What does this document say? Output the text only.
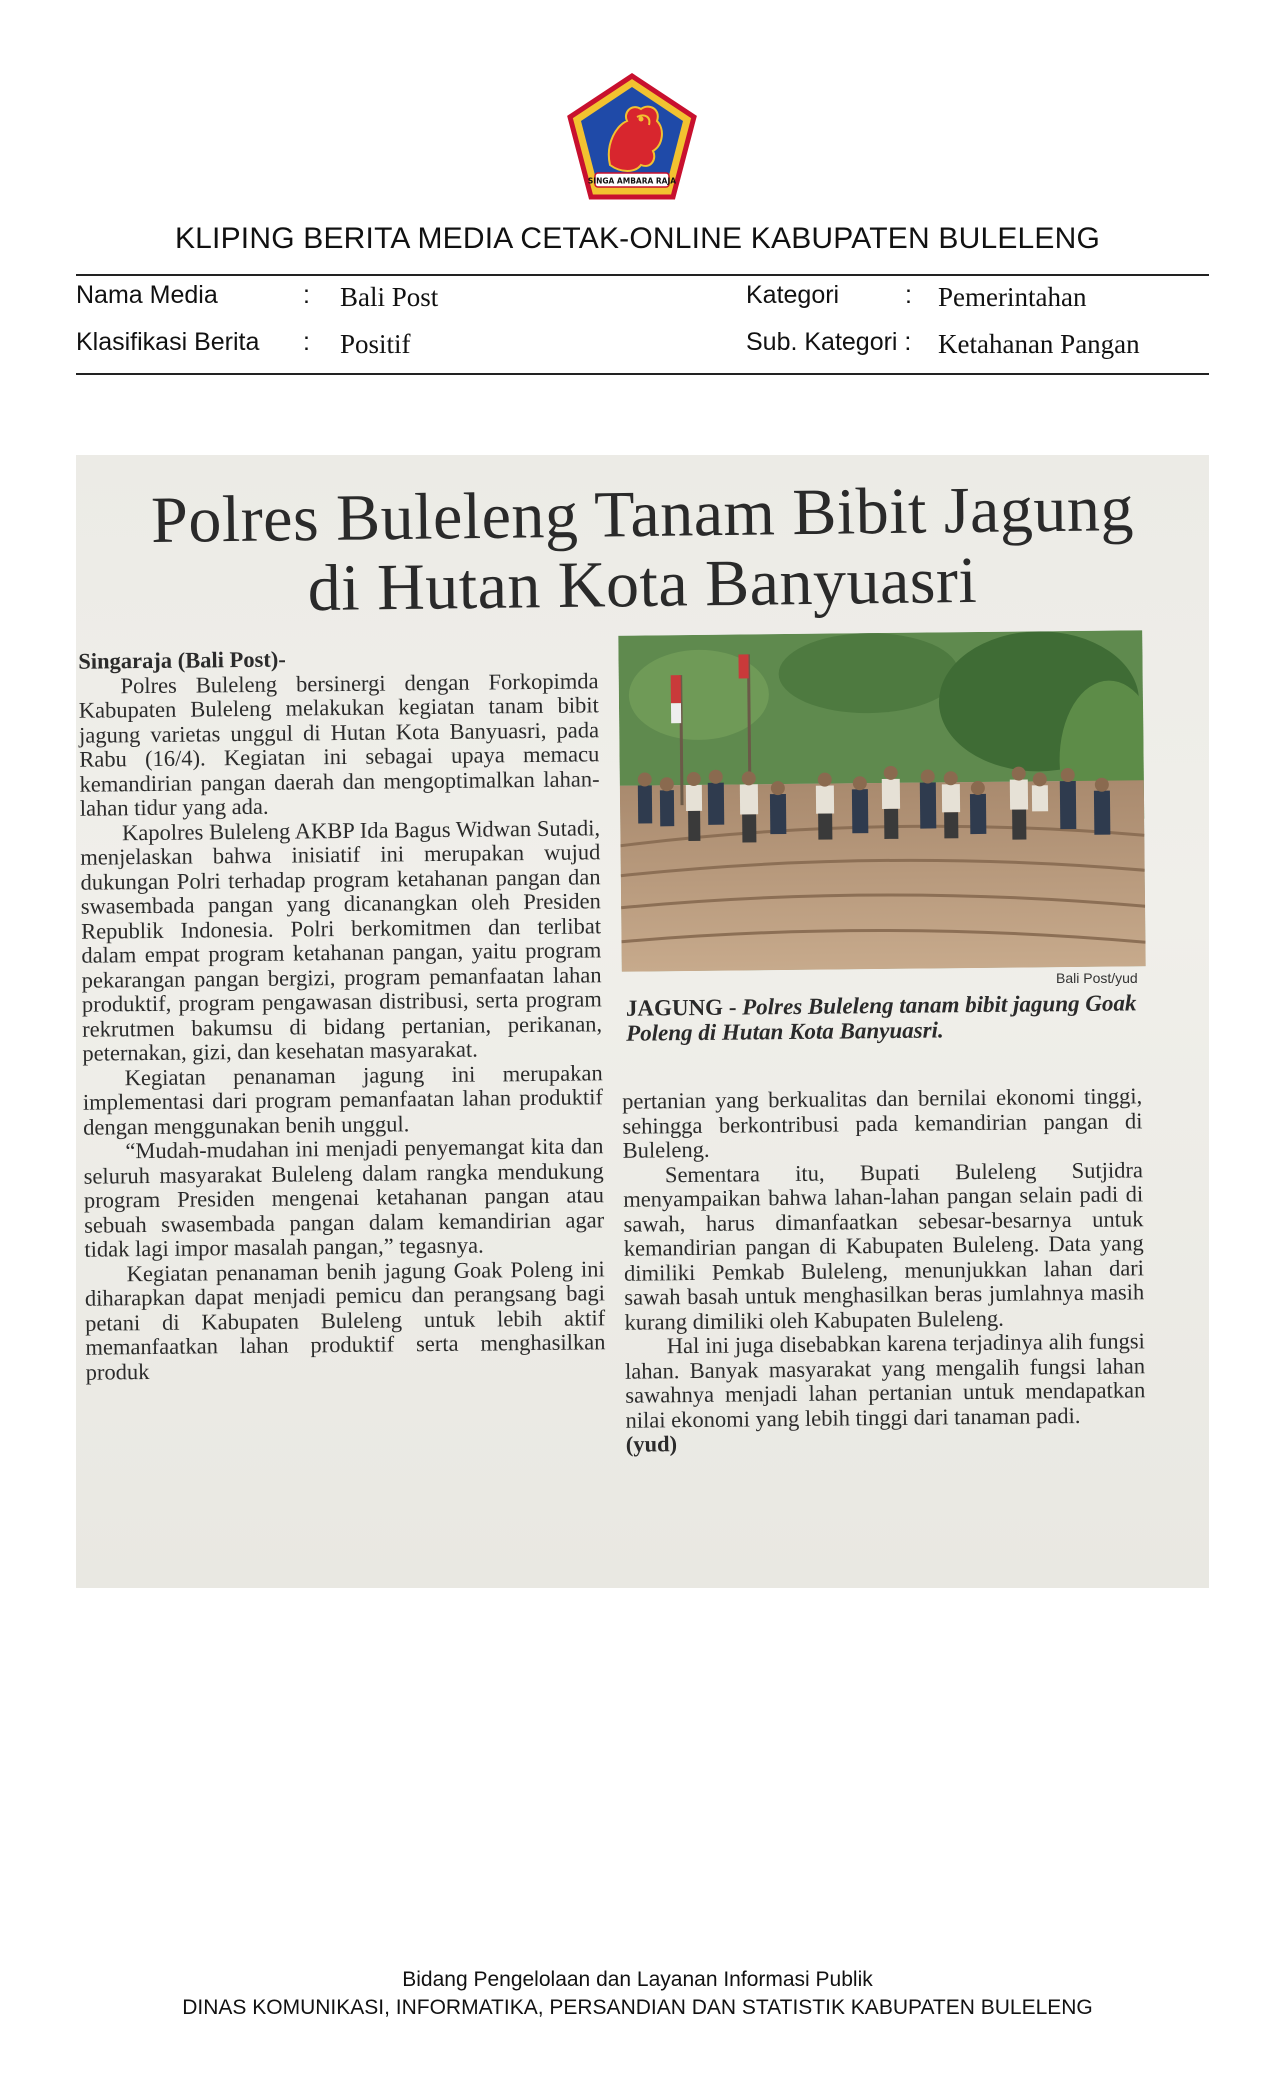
SINGA AMBARA RAJA
KLIPING BERITA MEDIA CETAK-ONLINE KABUPATEN BULELENG
Nama Media	: Bali Post	Kategori	: Pemerintahan
Klasifikasi Berita : Positif	Sub. Kategori : Ketahanan Pangan
Polres Buleleng Tanam Bibit Jagung
di Hutan Kota Banyuasri
Singaraja (Bali Post)-

Polres Buleleng bersinergi dengan Forkopimda Kabupaten Buleleng melakukan kegiatan tanam bibit jagung varietas unggul di Hutan Kota Banyuasri, pada Rabu (16/4). Kegiatan ini sebagai upaya memacu kemandirian pangan daerah dan mengoptimalkan lahan-lahan tidur yang ada.

Kapolres Buleleng AKBP Ida Bagus Widwan Sutadi, menjelaskan bahwa inisiatif ini merupakan wujud dukungan Polri terhadap program ketahanan pangan dan swasembada pangan yang dicanangkan oleh Presiden Republik Indonesia. Polri berkomitmen dan terlibat dalam empat program ketahanan pangan, yaitu program pekarangan pangan bergizi, program pemanfaatan lahan produktif, program pengawasan distribusi, serta program rekrutmen bakumsu di bidang pertanian, perikanan, peternakan, gizi, dan kesehatan masyarakat.

Kegiatan penanaman jagung ini merupakan implementasi dari program pemanfaatan lahan produktif dengan menggunakan benih unggul.

“Mudah-mudahan ini menjadi penyemangat kita dan seluruh masyarakat Buleleng dalam rangka mendukung program Presiden mengenai ketahanan pangan atau sebuah swasembada pangan dalam kemandirian agar tidak lagi impor masalah pangan,” tegasnya.

Kegiatan penanaman benih jagung Goak Poleng ini diharapkan dapat menjadi pemicu dan perangsang bagi petani di Kabupaten Buleleng untuk lebih aktif memanfaatkan lahan produktif serta menghasilkan produk

Bali Post/yud
JAGUNG - Polres Buleleng tanam bibit jagung Goak Poleng di Hutan Kota Banyuasri.

pertanian yang berkualitas dan bernilai ekonomi tinggi, sehingga berkontribusi pada kemandirian pangan di Buleleng.

Sementara itu, Bupati Buleleng Sutjidra menyampaikan bahwa lahan-lahan pangan selain padi di sawah, harus dimanfaatkan sebesar-besarnya untuk kemandirian pangan di Kabupaten Buleleng. Data yang dimiliki Pemkab Buleleng, menunjukkan lahan dari sawah basah untuk menghasilkan beras jumlahnya masih kurang dimiliki oleh Kabupaten Buleleng.

Hal ini juga disebabkan karena terjadinya alih fungsi lahan. Banyak masyarakat yang mengalih fungsi lahan sawahnya menjadi lahan pertanian untuk mendapatkan nilai ekonomi yang lebih tinggi dari tanaman padi.

(yud)
Bidang Pengelolaan dan Layanan Informasi Publik
DINAS KOMUNIKASI, INFORMATIKA, PERSANDIAN DAN STATISTIK KABUPATEN BULELENG
